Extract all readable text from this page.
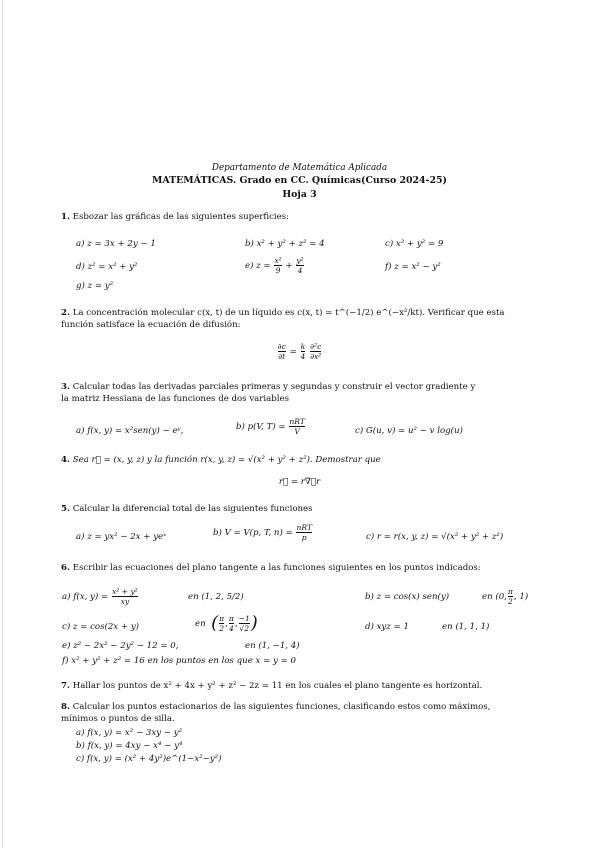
Departamento de Matemática Aplicada
MATEMÁTICAS. Grado en CC. Químicas(Curso 2024-25)
Hoja 3
1. Esbozar las gráficas de las siguientes superficies:
a) z = 3x + 2y − 1	b) x² + y² + z² = 4	c) x² + y² = 9
d) z² = x² + y²	e) $z = \frac{\text{x²}}{9} + \frac{\text{y²}}{4}$	f) z = x² − y²
g) z = y²
2. La concentración molecular c(x, t) de un líquido es c(x, t) = t^(−1/2) e^(−x²/kt). Verificar que esta
función satisface la ecuación de difusión:
$\frac{\partial c}{\partial t} = \frac{k}{4}$
$\frac{\text{∂²c}}{\text{∂x²}}$
3. Calcular todas las derivadas parciales primeras y segundas y construir el vector gradiente y
la matriz Hessiana de las funciones de dos variables
a) f(x, y) = x²sen(y) − eʸ,	b) p(V, $T) = \frac{\text{nRT}}{V}$	c) G(u, v) = u² − v log(u)
4. Sea r⃗ = (x, y, z) y la función r(x, y, z) = √(x² + y² + z²). Demostrar que
r⃗ = r∇⃗r
5. Calcular la diferencial total de las siguientes funciones
a) z = yx² − 2x + yeˣ	b) V = V(p, T, $n) = \frac{\text{nRT}}{p}$	c) r = r(x, y, z) = √(x² + y² + z²)
6. Escribir las ecuaciones del plano tangente a las funciones siguientes en los puntos indicados:
a) f(x, $y) = \frac{\text{x² + y²}}{xy}$	en (1, 2, 5/2)	b) z = cos(x) sen(y)	en (0, $\frac{\pi}{2}$ , 1)
c) z = cos(2x + y)	en ( $\frac{\pi}{2}$ , $\frac{\pi}{4}$ , $\frac{-1}{√2}$ )	d) xyz = 1	en (1, 1, 1)
e) z² − 2x² − 2y² − 12 = 0,	en (1, −1, 4)
f) x² + y² + z² = 16 en los puntos en los que x = y = 0
7. Hallar los puntos de x² + 4x + y² + z² − 2z = 11 en los cuales el plano tangente es horizontal.
8. Calcular los puntos estacionarios de las siguientes funciones, clasificando estos como máximos,
mínimos o puntos de silla.
a) f(x, y) = x² − 3xy − y²
b) f(x, y) = 4xy − x⁴ − y⁴
c) f(x, y) = (x² + 4y²)e^(1−x²−y²)
